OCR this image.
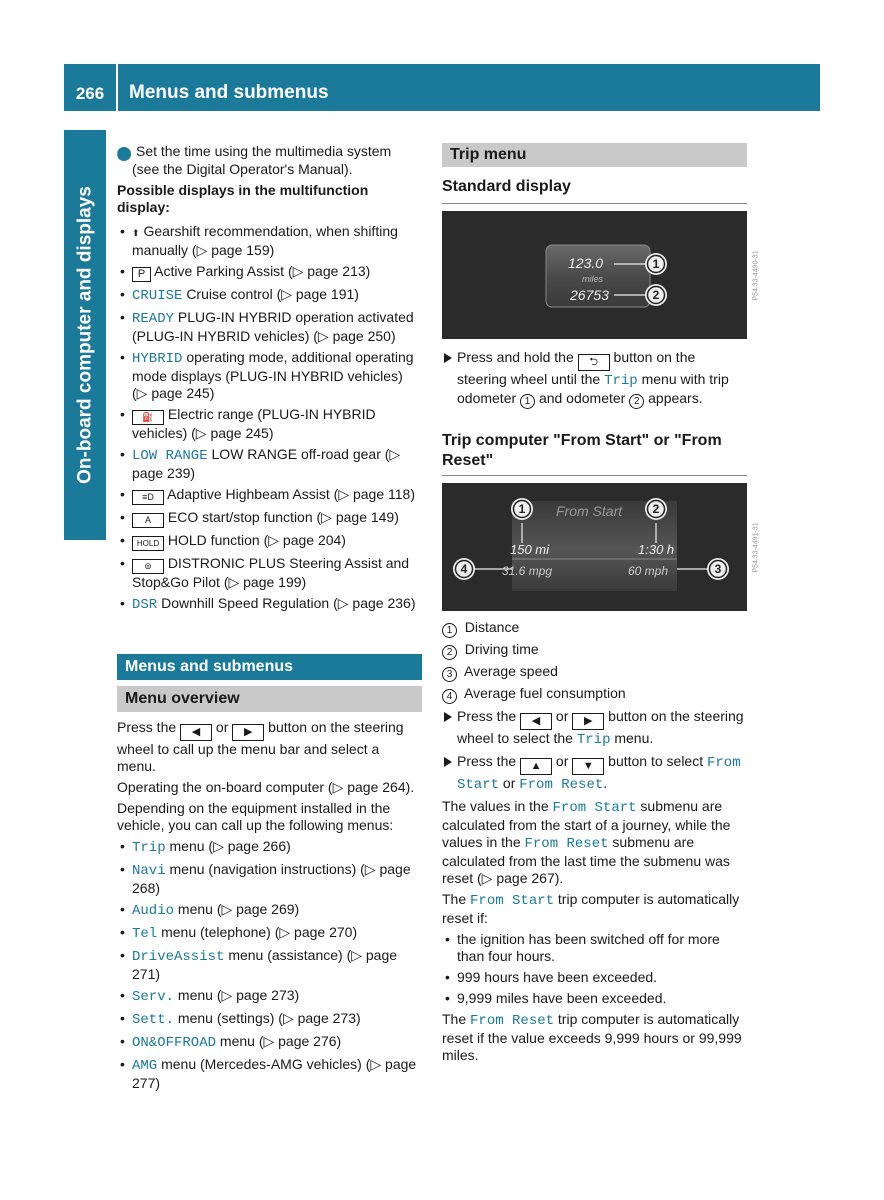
266	Menus and submenus
On-board computer and displays

i Set the time using the multimedia system (see the Digital Operator's Manual).

Possible displays in the multifunction display:

• ⬆ Gearshift recommendation, when shifting manually (▷ page 159)
• P Active Parking Assist (▷ page 213)
• CRUISE Cruise control (▷ page 191)
• READY PLUG-IN HYBRID operation activated (PLUG-IN HYBRID vehicles) (▷ page 250)
• HYBRID operating mode, additional operating mode displays (PLUG-IN HYBRID vehicles) (▷ page 245)
• ⛽ Electric range (PLUG-IN HYBRID vehicles) (▷ page 245)
• LOW RANGE LOW RANGE off-road gear (▷ page 239)
• ≡D Adaptive Highbeam Assist (▷ page 118)
• A ECO start/stop function (▷ page 149)
• HOLD HOLD function (▷ page 204)
• ⊜ DISTRONIC PLUS Steering Assist and Stop&Go Pilot (▷ page 199)
• DSR Downhill Speed Regulation (▷ page 236)
Menus and submenus
Menu overview

Press the ◀ or ▶ button on the steering wheel to call up the menu bar and select a menu.

Operating the on-board computer (▷ page 264).

Depending on the equipment installed in the vehicle, you can call up the following menus:

• Trip menu (▷ page 266)
• Navi menu (navigation instructions) (▷ page 268)
• Audio menu (▷ page 269)
• Tel menu (telephone) (▷ page 270)
• DriveAssist menu (assistance) (▷ page 271)
• Serv. menu (▷ page 273)
• Sett. menu (settings) (▷ page 273)
• ON&OFFROAD menu (▷ page 276)
• AMG menu (Mercedes-AMG vehicles) (▷ page 277)
Trip menu
Standard display
123.0
miles
26753
1
2	P54.33-4490-31
Press and hold the ⮌ button on the steering wheel until the Trip menu with trip odometer 1 and odometer 2 appears.
Trip computer "From Start" or "From Reset"
1	2
3
4
From Start
150 mi	1:30 h
31.6 mpg	60 mph	P54.33-4491-31
1 Distance
2 Driving time
3 Average speed
4 Average fuel consumption
Press the ◀ or ▶ button on the steering wheel to select the Trip menu.
Press the ▲ or ▼ button to select From Start or From Reset.

The values in the From Start submenu are calculated from the start of a journey, while the values in the From Reset submenu are calculated from the last time the submenu was reset (▷ page 267).

The From Start trip computer is automatically reset if:

• the ignition has been switched off for more than four hours.
• 999 hours have been exceeded.
• 9,999 miles have been exceeded.

The From Reset trip computer is automatically reset if the value exceeds 9,999 hours or 99,999 miles.
